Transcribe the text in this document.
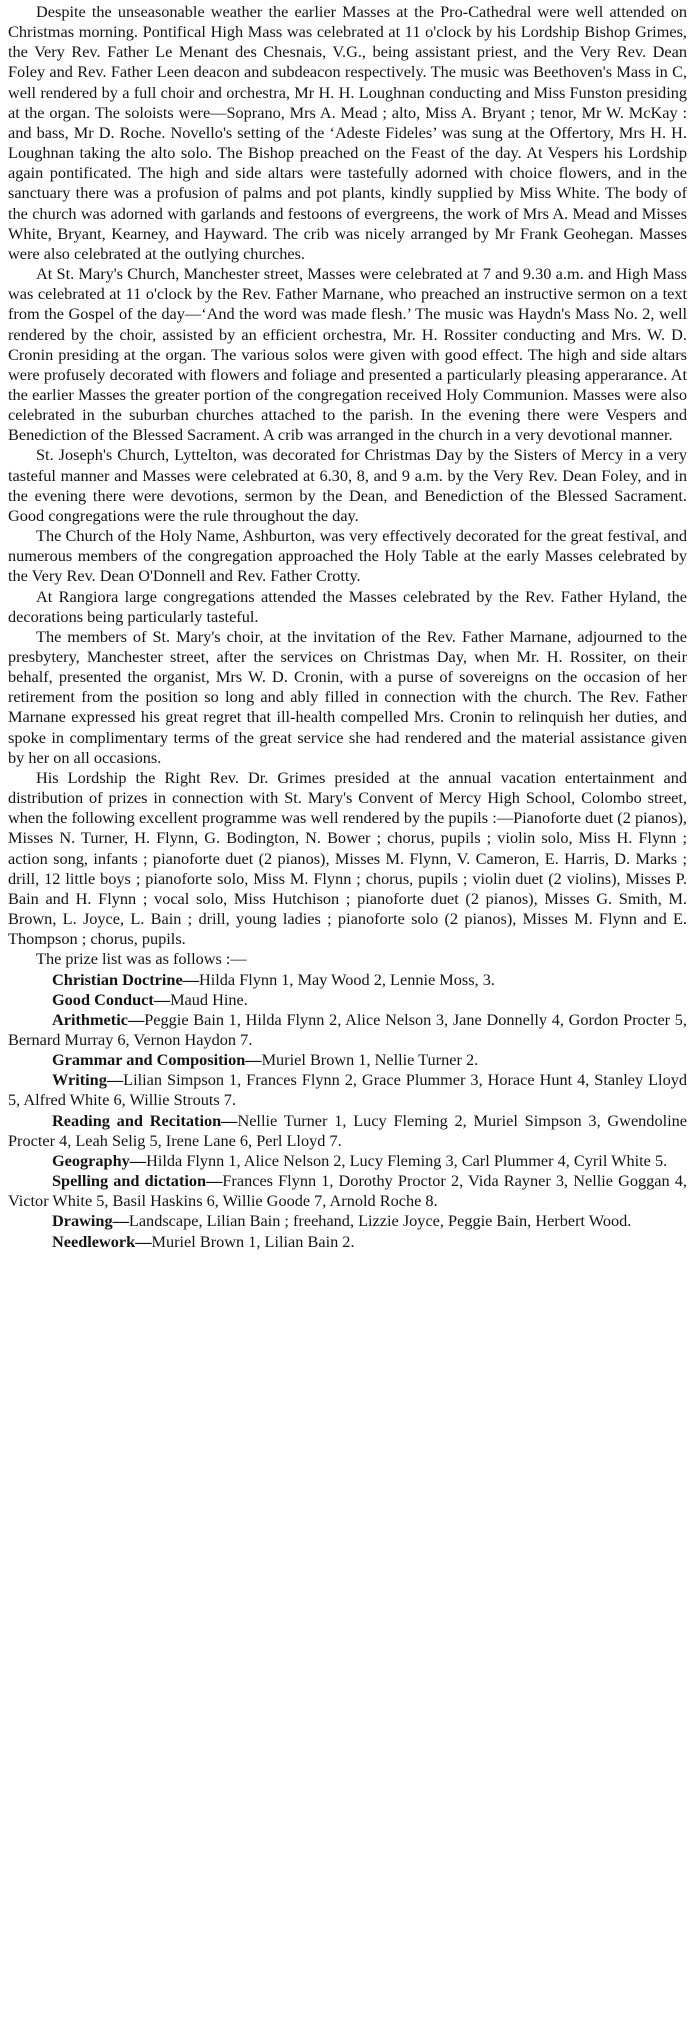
Despite the unseasonable weather the earlier Masses at the Pro-Cathedral were well attended on Christmas morning. Pontifical High Mass was celebrated at 11 o'clock by his Lordship Bishop Grimes, the Very Rev. Father Le Menant des Chesnais, V.G., being assistant priest, and the Very Rev. Dean Foley and Rev. Father Leen deacon and subdeacon respectively. The music was Beethoven's Mass in C, well rendered by a full choir and orchestra, Mr H. H. Loughnan conducting and Miss Funston presiding at the organ. The soloists were—Soprano, Mrs A. Mead ; alto, Miss A. Bryant ; tenor, Mr W. McKay : and bass, Mr D. Roche. Novello's setting of the ‘Adeste Fideles’ was sung at the Offertory, Mrs H. H. Loughnan taking the alto solo. The Bishop preached on the Feast of the day. At Vespers his Lordship again pontificated. The high and side altars were tastefully adorned with choice flowers, and in the sanctuary there was a profusion of palms and pot plants, kindly supplied by Miss White. The body of the church was adorned with garlands and festoons of evergreens, the work of Mrs A. Mead and Misses White, Bryant, Kearney, and Hayward. The crib was nicely arranged by Mr Frank Geohegan. Masses were also celebrated at the outlying churches.

At St. Mary's Church, Manchester street, Masses were celebrated at 7 and 9.30 a.m. and High Mass was celebrated at 11 o'clock by the Rev. Father Marnane, who preached an instructive sermon on a text from the Gospel of the day—‘And the word was made flesh.’ The music was Haydn's Mass No. 2, well rendered by the choir, assisted by an efficient orchestra, Mr. H. Rossiter conducting and Mrs. W. D. Cronin presiding at the organ. The various solos were given with good effect. The high and side altars were profusely decorated with flowers and foliage and presented a particularly pleasing apperarance. At the earlier Masses the greater portion of the congregation received Holy Communion. Masses were also celebrated in the suburban churches attached to the parish. In the evening there were Vespers and Benediction of the Blessed Sacrament. A crib was arranged in the church in a very devotional manner.

St. Joseph's Church, Lyttelton, was decorated for Christmas Day by the Sisters of Mercy in a very tasteful manner and Masses were celebrated at 6.30, 8, and 9 a.m. by the Very Rev. Dean Foley, and in the evening there were devotions, sermon by the Dean, and Benediction of the Blessed Sacrament. Good congregations were the rule throughout the day.

The Church of the Holy Name, Ashburton, was very effectively decorated for the great festival, and numerous members of the congregation approached the Holy Table at the early Masses celebrated by the Very Rev. Dean O'Donnell and Rev. Father Crotty.

At Rangiora large congregations attended the Masses celebrated by the Rev. Father Hyland, the decorations being particularly tasteful.

The members of St. Mary's choir, at the invitation of the Rev. Father Marnane, adjourned to the presbytery, Manchester street, after the services on Christmas Day, when Mr. H. Rossiter, on their behalf, presented the organist, Mrs W. D. Cronin, with a purse of sovereigns on the occasion of her retirement from the position so long and ably filled in connection with the church. The Rev. Father Marnane expressed his great regret that ill-health compelled Mrs. Cronin to relinquish her duties, and spoke in complimentary terms of the great service she had rendered and the material assistance given by her on all occasions.

His Lordship the Right Rev. Dr. Grimes presided at the annual vacation entertainment and distribution of prizes in connection with St. Mary's Convent of Mercy High School, Colombo street, when the following excellent programme was well rendered by the pupils :—Pianoforte duet (2 pianos), Misses N. Turner, H. Flynn, G. Bodington, N. Bower ; chorus, pupils ; violin solo, Miss H. Flynn ; action song, infants ; pianoforte duet (2 pianos), Misses M. Flynn, V. Cameron, E. Harris, D. Marks ; drill, 12 little boys ; pianoforte solo, Miss M. Flynn ; chorus, pupils ; violin duet (2 violins), Misses P. Bain and H. Flynn ; vocal solo, Miss Hutchison ; pianoforte duet (2 pianos), Misses G. Smith, M. Brown, L. Joyce, L. Bain ; drill, young ladies ; pianoforte solo (2 pianos), Misses M. Flynn and E. Thompson ; chorus, pupils.

The prize list was as follows :—

Christian Doctrine—Hilda Flynn 1, May Wood 2, Lennie Moss, 3.

Good Conduct—Maud Hine.

Arithmetic—Peggie Bain 1, Hilda Flynn 2, Alice Nelson 3, Jane Donnelly 4, Gordon Procter 5, Bernard Murray 6, Vernon Haydon 7.

Grammar and Composition—Muriel Brown 1, Nellie Turner 2.

Writing—Lilian Simpson 1, Frances Flynn 2, Grace Plummer 3, Horace Hunt 4, Stanley Lloyd 5, Alfred White 6, Willie Strouts 7.

Reading and Recitation—Nellie Turner 1, Lucy Fleming 2, Muriel Simpson 3, Gwendoline Procter 4, Leah Selig 5, Irene Lane 6, Perl Lloyd 7.

Geography—Hilda Flynn 1, Alice Nelson 2, Lucy Fleming 3, Carl Plummer 4, Cyril White 5.

Spelling and dictation—Frances Flynn 1, Dorothy Proctor 2, Vida Rayner 3, Nellie Goggan 4, Victor White 5, Basil Haskins 6, Willie Goode 7, Arnold Roche 8.

Drawing—Landscape, Lilian Bain ; freehand, Lizzie Joyce, Peggie Bain, Herbert Wood.

Needlework—Muriel Brown 1, Lilian Bain 2.
